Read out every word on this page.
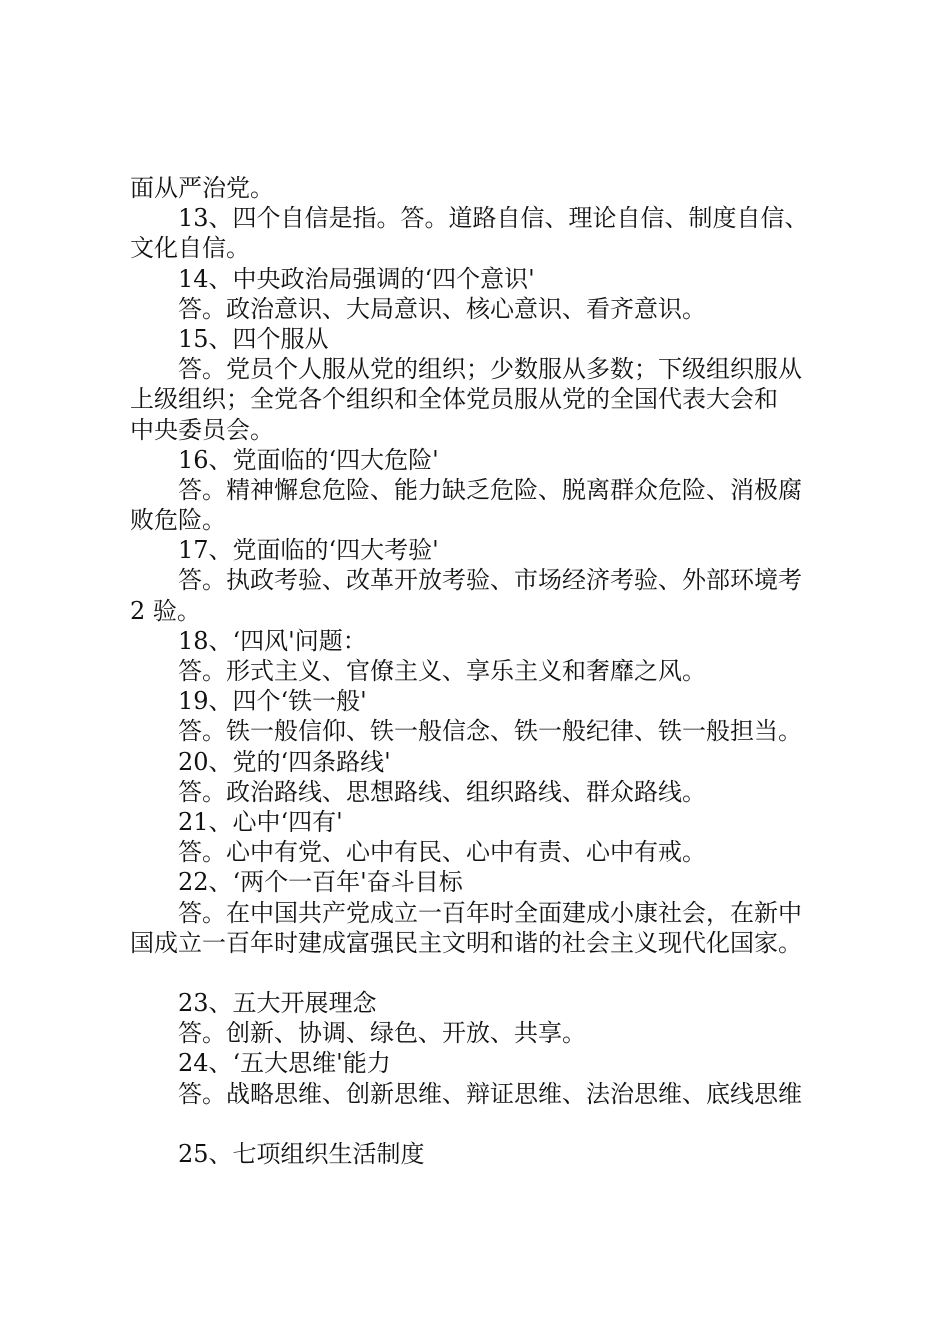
面从严治党。
13、四个自信是指。答。道路自信、理论自信、制度自信、
文化自信。
14、中央政治局强调的‘四个意识'
答。政治意识、大局意识、核心意识、看齐意识。
15、四个服从
答。党员个人服从党的组织；少数服从多数；下级组织服从
上级组织；全党各个组织和全体党员服从党的全国代表大会和
中央委员会。
16、党面临的‘四大危险'
答。精神懈怠危险、能力缺乏危险、脱离群众危险、消极腐
败危险。
17、党面临的‘四大考验'
答。执政考验、改革开放考验、市场经济考验、外部环境考
2 验。
18、‘四风'问题：
答。形式主义、官僚主义、享乐主义和奢靡之风。
19、四个‘铁一般'
答。铁一般信仰、铁一般信念、铁一般纪律、铁一般担当。
20、党的‘四条路线'
答。政治路线、思想路线、组织路线、群众路线。
21、心中‘四有'
答。心中有党、心中有民、心中有责、心中有戒。
22、‘两个一百年'奋斗目标
答。在中国共产党成立一百年时全面建成小康社会，在新中
国成立一百年时建成富强民主文明和谐的社会主义现代化国家。
23、五大开展理念
答。创新、协调、绿色、开放、共享。
24、‘五大思维'能力
答。战略思维、创新思维、辩证思维、法治思维、底线思维
25、七项组织生活制度
